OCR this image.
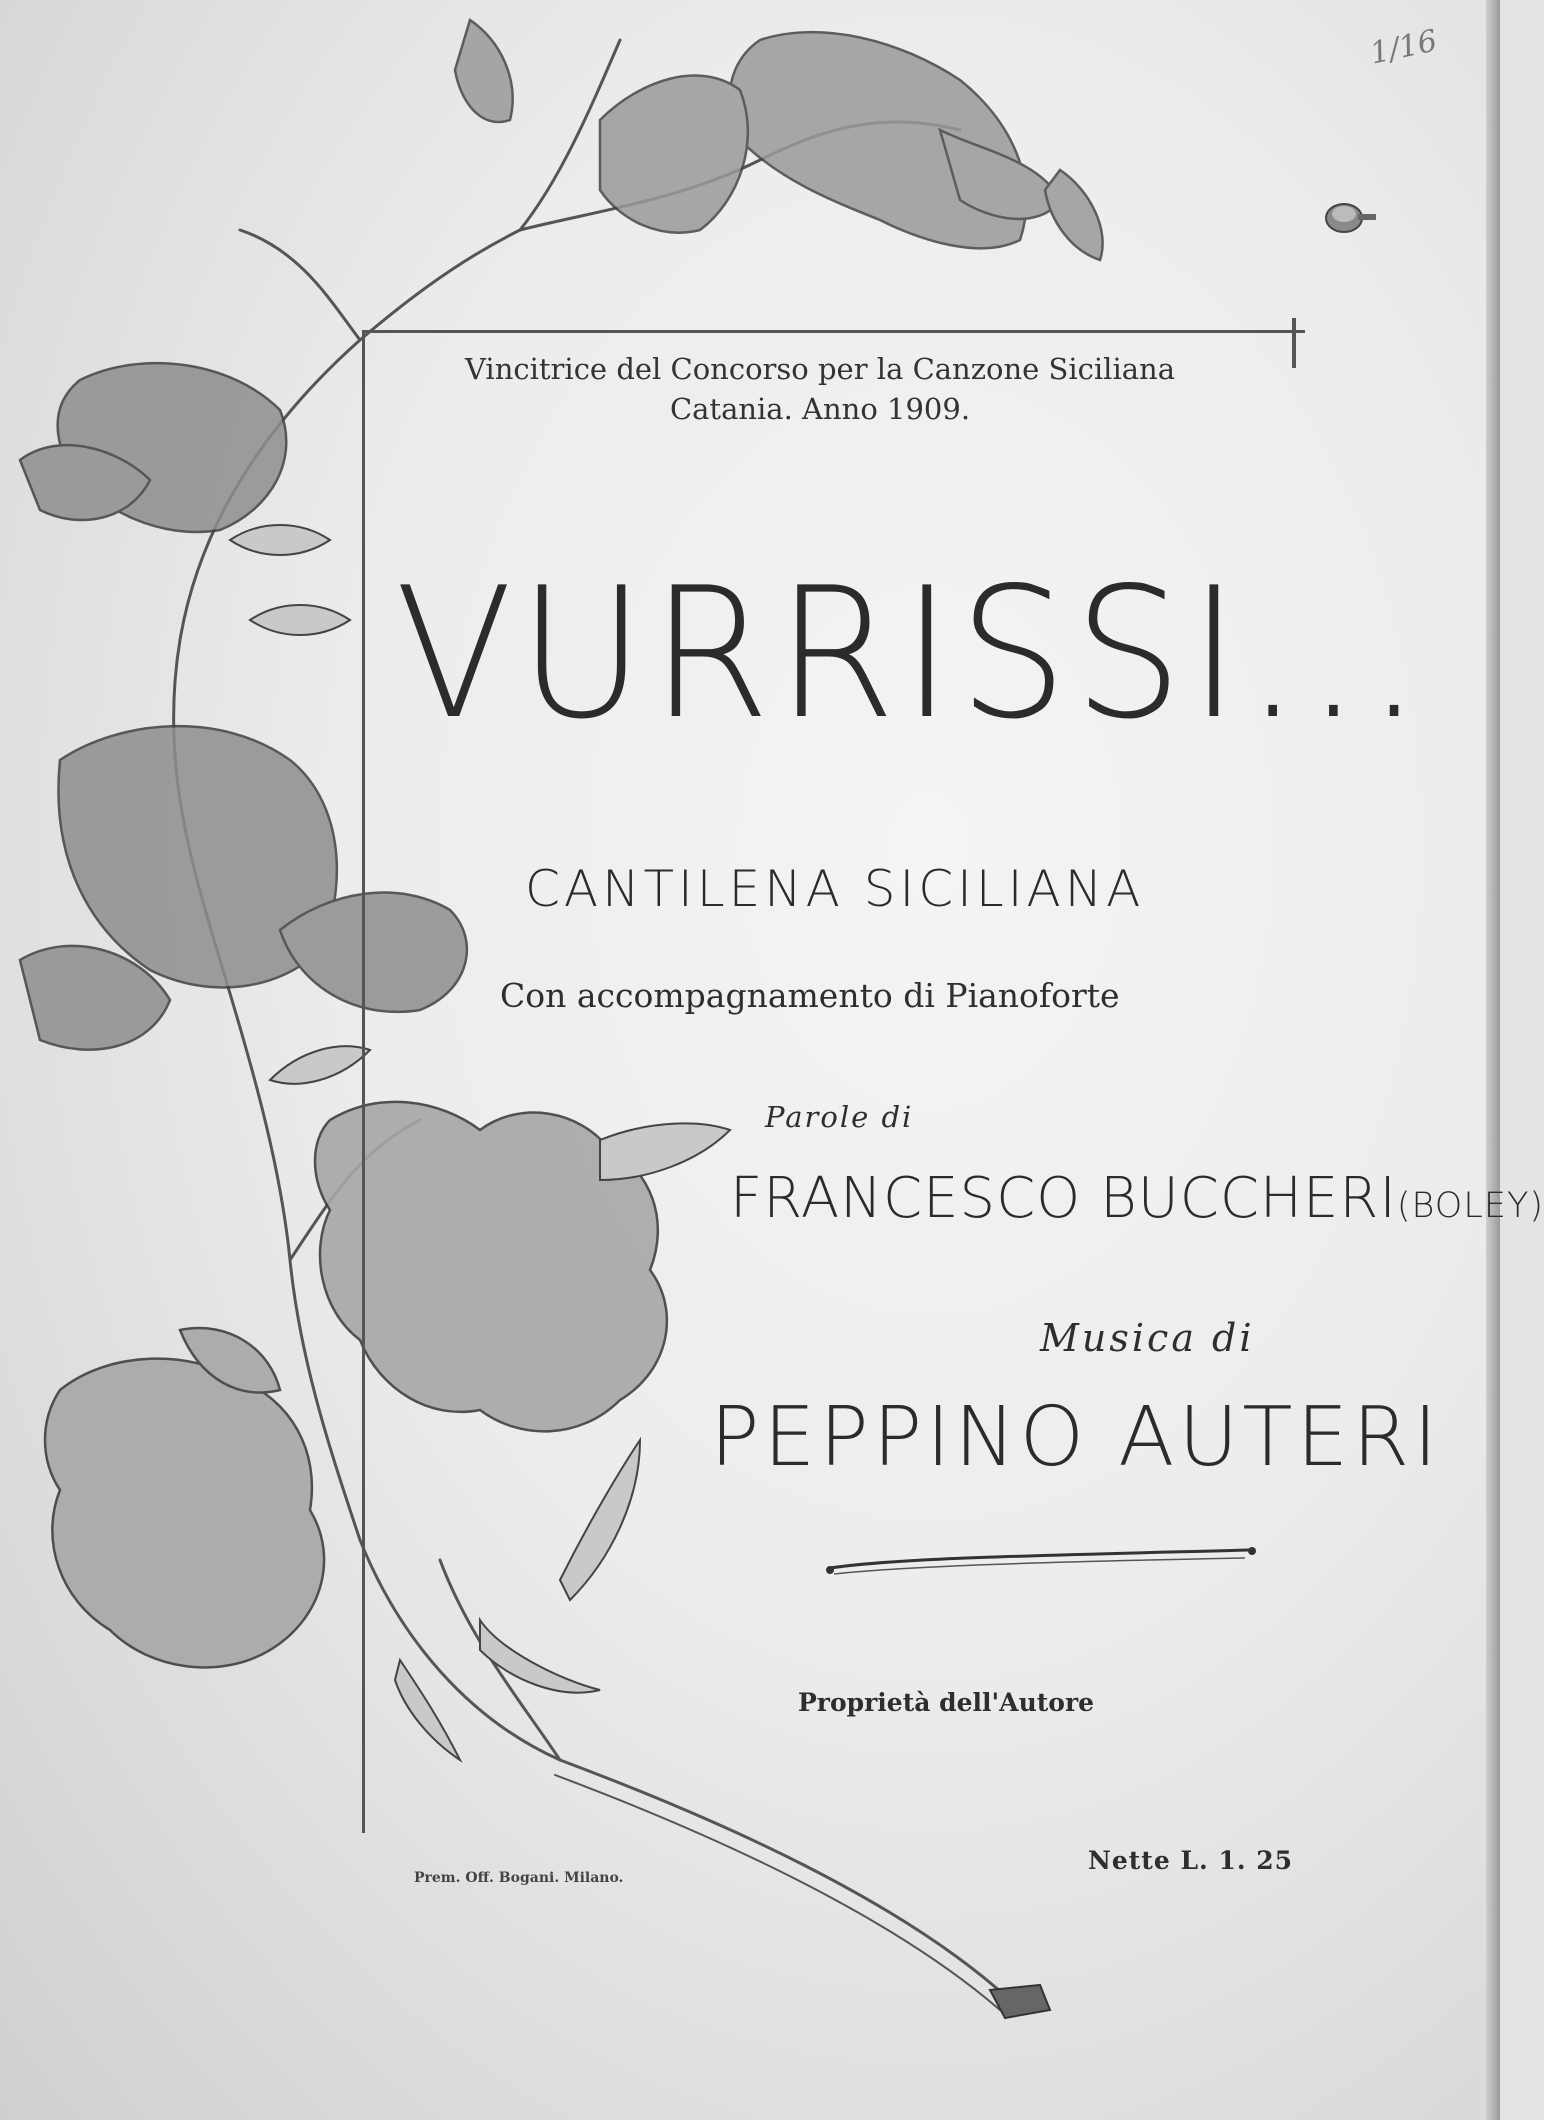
1/16
Vincitrice del Concorso per la Canzone Siciliana
Catania. Anno 1909.
VURRISSI...
CANTILENA SICILIANA
Con accompagnamento di Pianoforte
Parole di
FRANCESCO BUCCHERI(BOLEY)
Musica di
PEPPINO AUTERI
Proprietà dell'Autore
Nette L. 1. 25
Prem. Off. Bogani. Milano.
